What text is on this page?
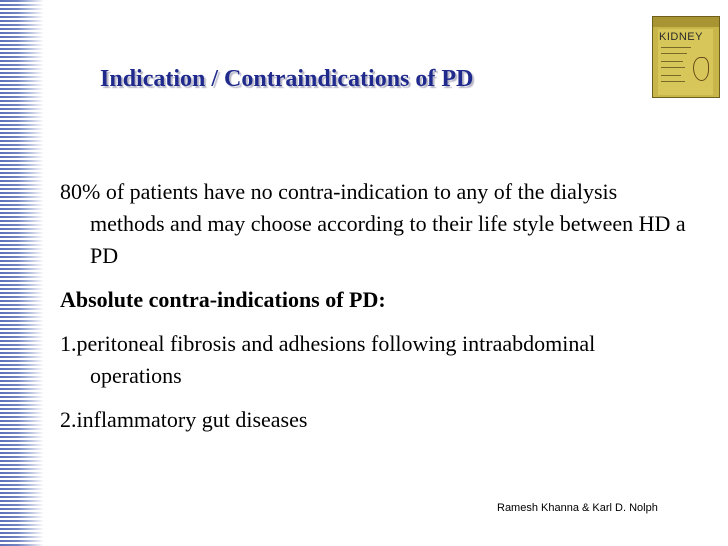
Indication / Contraindications of PD
KIDNEY

80% of patients have no contra-indication to any of the dialysis methods and may choose according to their life style between HD a PD

Absolute contra-indications of PD:

1.peritoneal fibrosis and adhesions following intraabdominal operations

2.inflammatory gut diseases

Ramesh Khanna & Karl D. Nolph
